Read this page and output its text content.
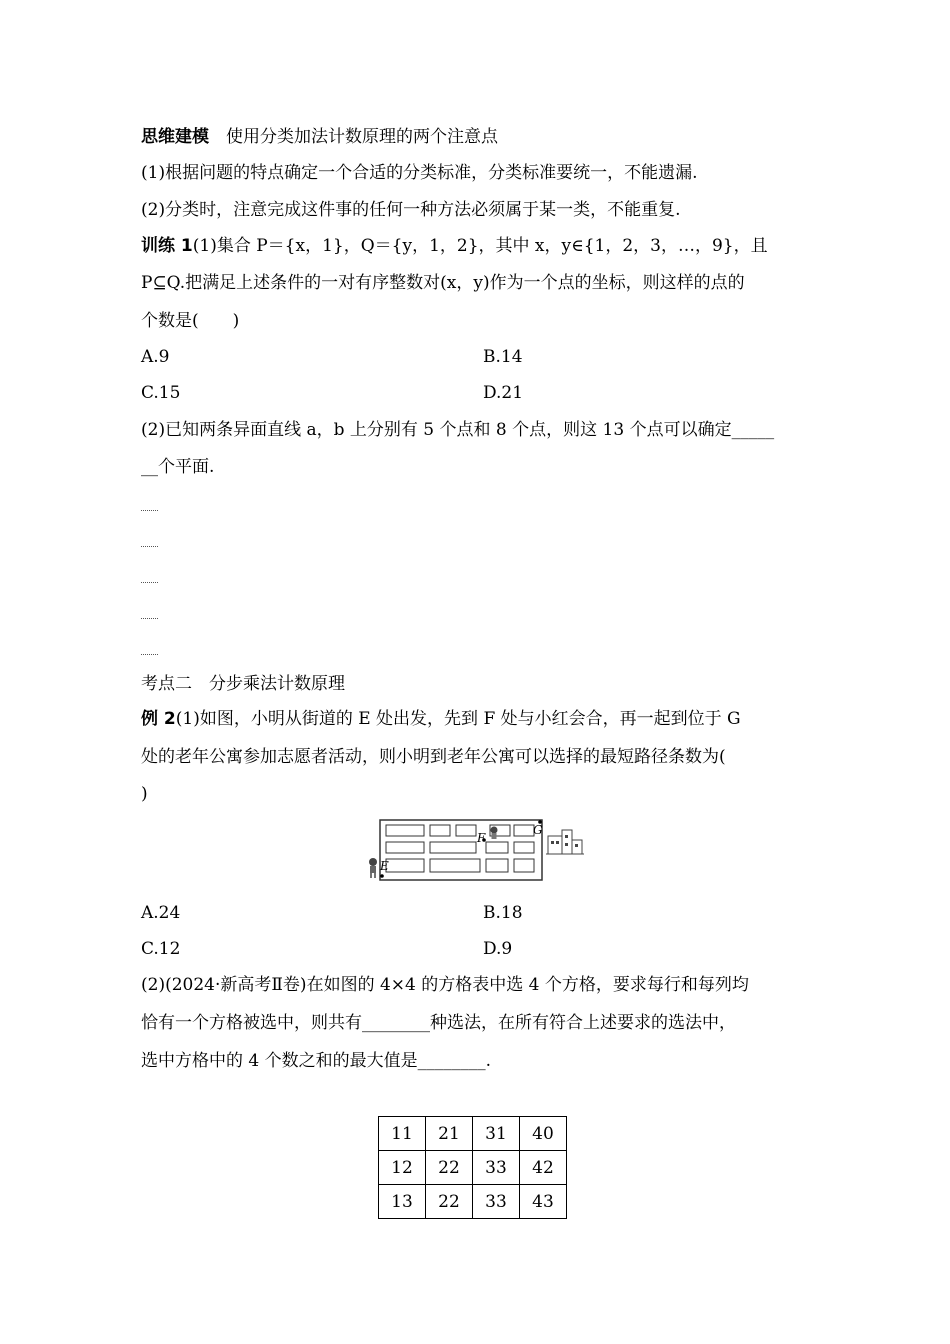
思维建模 使用分类加法计数原理的两个注意点
(1)根据问题的特点确定一个合适的分类标准，分类标准要统一，不能遗漏.
(2)分类时，注意完成这件事的任何一种方法必须属于某一类，不能重复.
训练 1(1)集合 P＝{x，1}，Q＝{y，1，2}，其中 x，y∈{1，2，3，…，9}，且
P⊆Q.把满足上述条件的一对有序整数对(x，y)作为一个点的坐标，则这样的点的
个数是(　　)
A.9	B.14
C.15	D.21
(2)已知两条异面直线 a，b 上分别有 5 个点和 8 个点，则这 13 个点可以确定_____
__个平面.
考点二　分步乘法计数原理
例 2(1)如图，小明从街道的 E 处出发，先到 F 处与小红会合，再一起到位于 G
处的老年公寓参加志愿者活动，则小明到老年公寓可以选择的最短路径条数为(
)
E
F
G
A.24	B.18
C.12	D.9
(2)(2024·新高考Ⅱ卷)在如图的 4×4 的方格表中选 4 个方格，要求每行和每列均
恰有一个方格被选中，则共有________种选法，在所有符合上述要求的选法中，
选中方格中的 4 个数之和的最大值是________.
11	21	31	40
12	22	33	42
13	22	33	43
